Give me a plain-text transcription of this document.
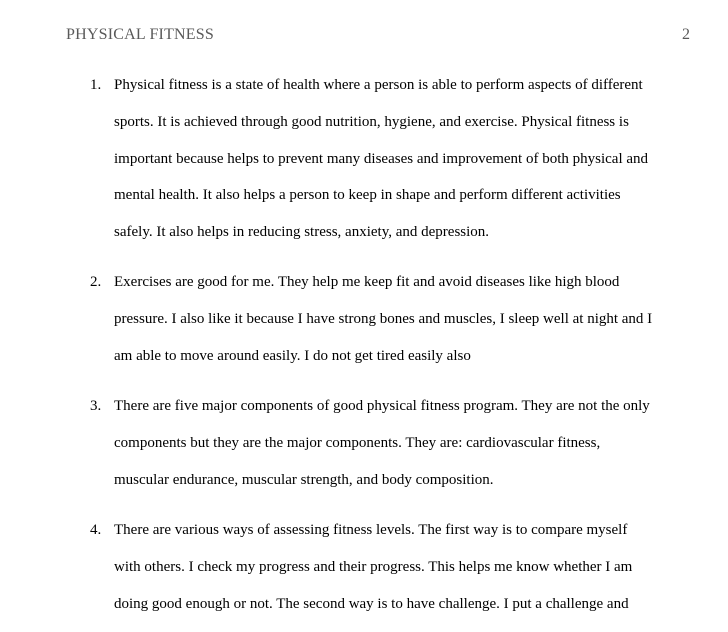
PHYSICAL FITNESS	2
1. Physical fitness is a state of health where a person is able to perform aspects of different
sports. It is achieved through good nutrition, hygiene, and exercise. Physical fitness is
important because helps to prevent many diseases and improvement of both physical and
mental health. It also helps a person to keep in shape and perform different activities
safely. It also helps in reducing stress, anxiety, and depression.
2. Exercises are good for me. They help me keep fit and avoid diseases like high blood
pressure. I also like it because I have strong bones and muscles, I sleep well at night and I
am able to move around easily. I do not get tired easily also
3. There are five major components of good physical fitness program. They are not the only
components but they are the major components. They are: cardiovascular fitness,
muscular endurance, muscular strength, and body composition.
4. There are various ways of assessing fitness levels. The first way is to compare myself
with others. I check my progress and their progress. This helps me know whether I am
doing good enough or not. The second way is to have challenge. I put a challenge and
